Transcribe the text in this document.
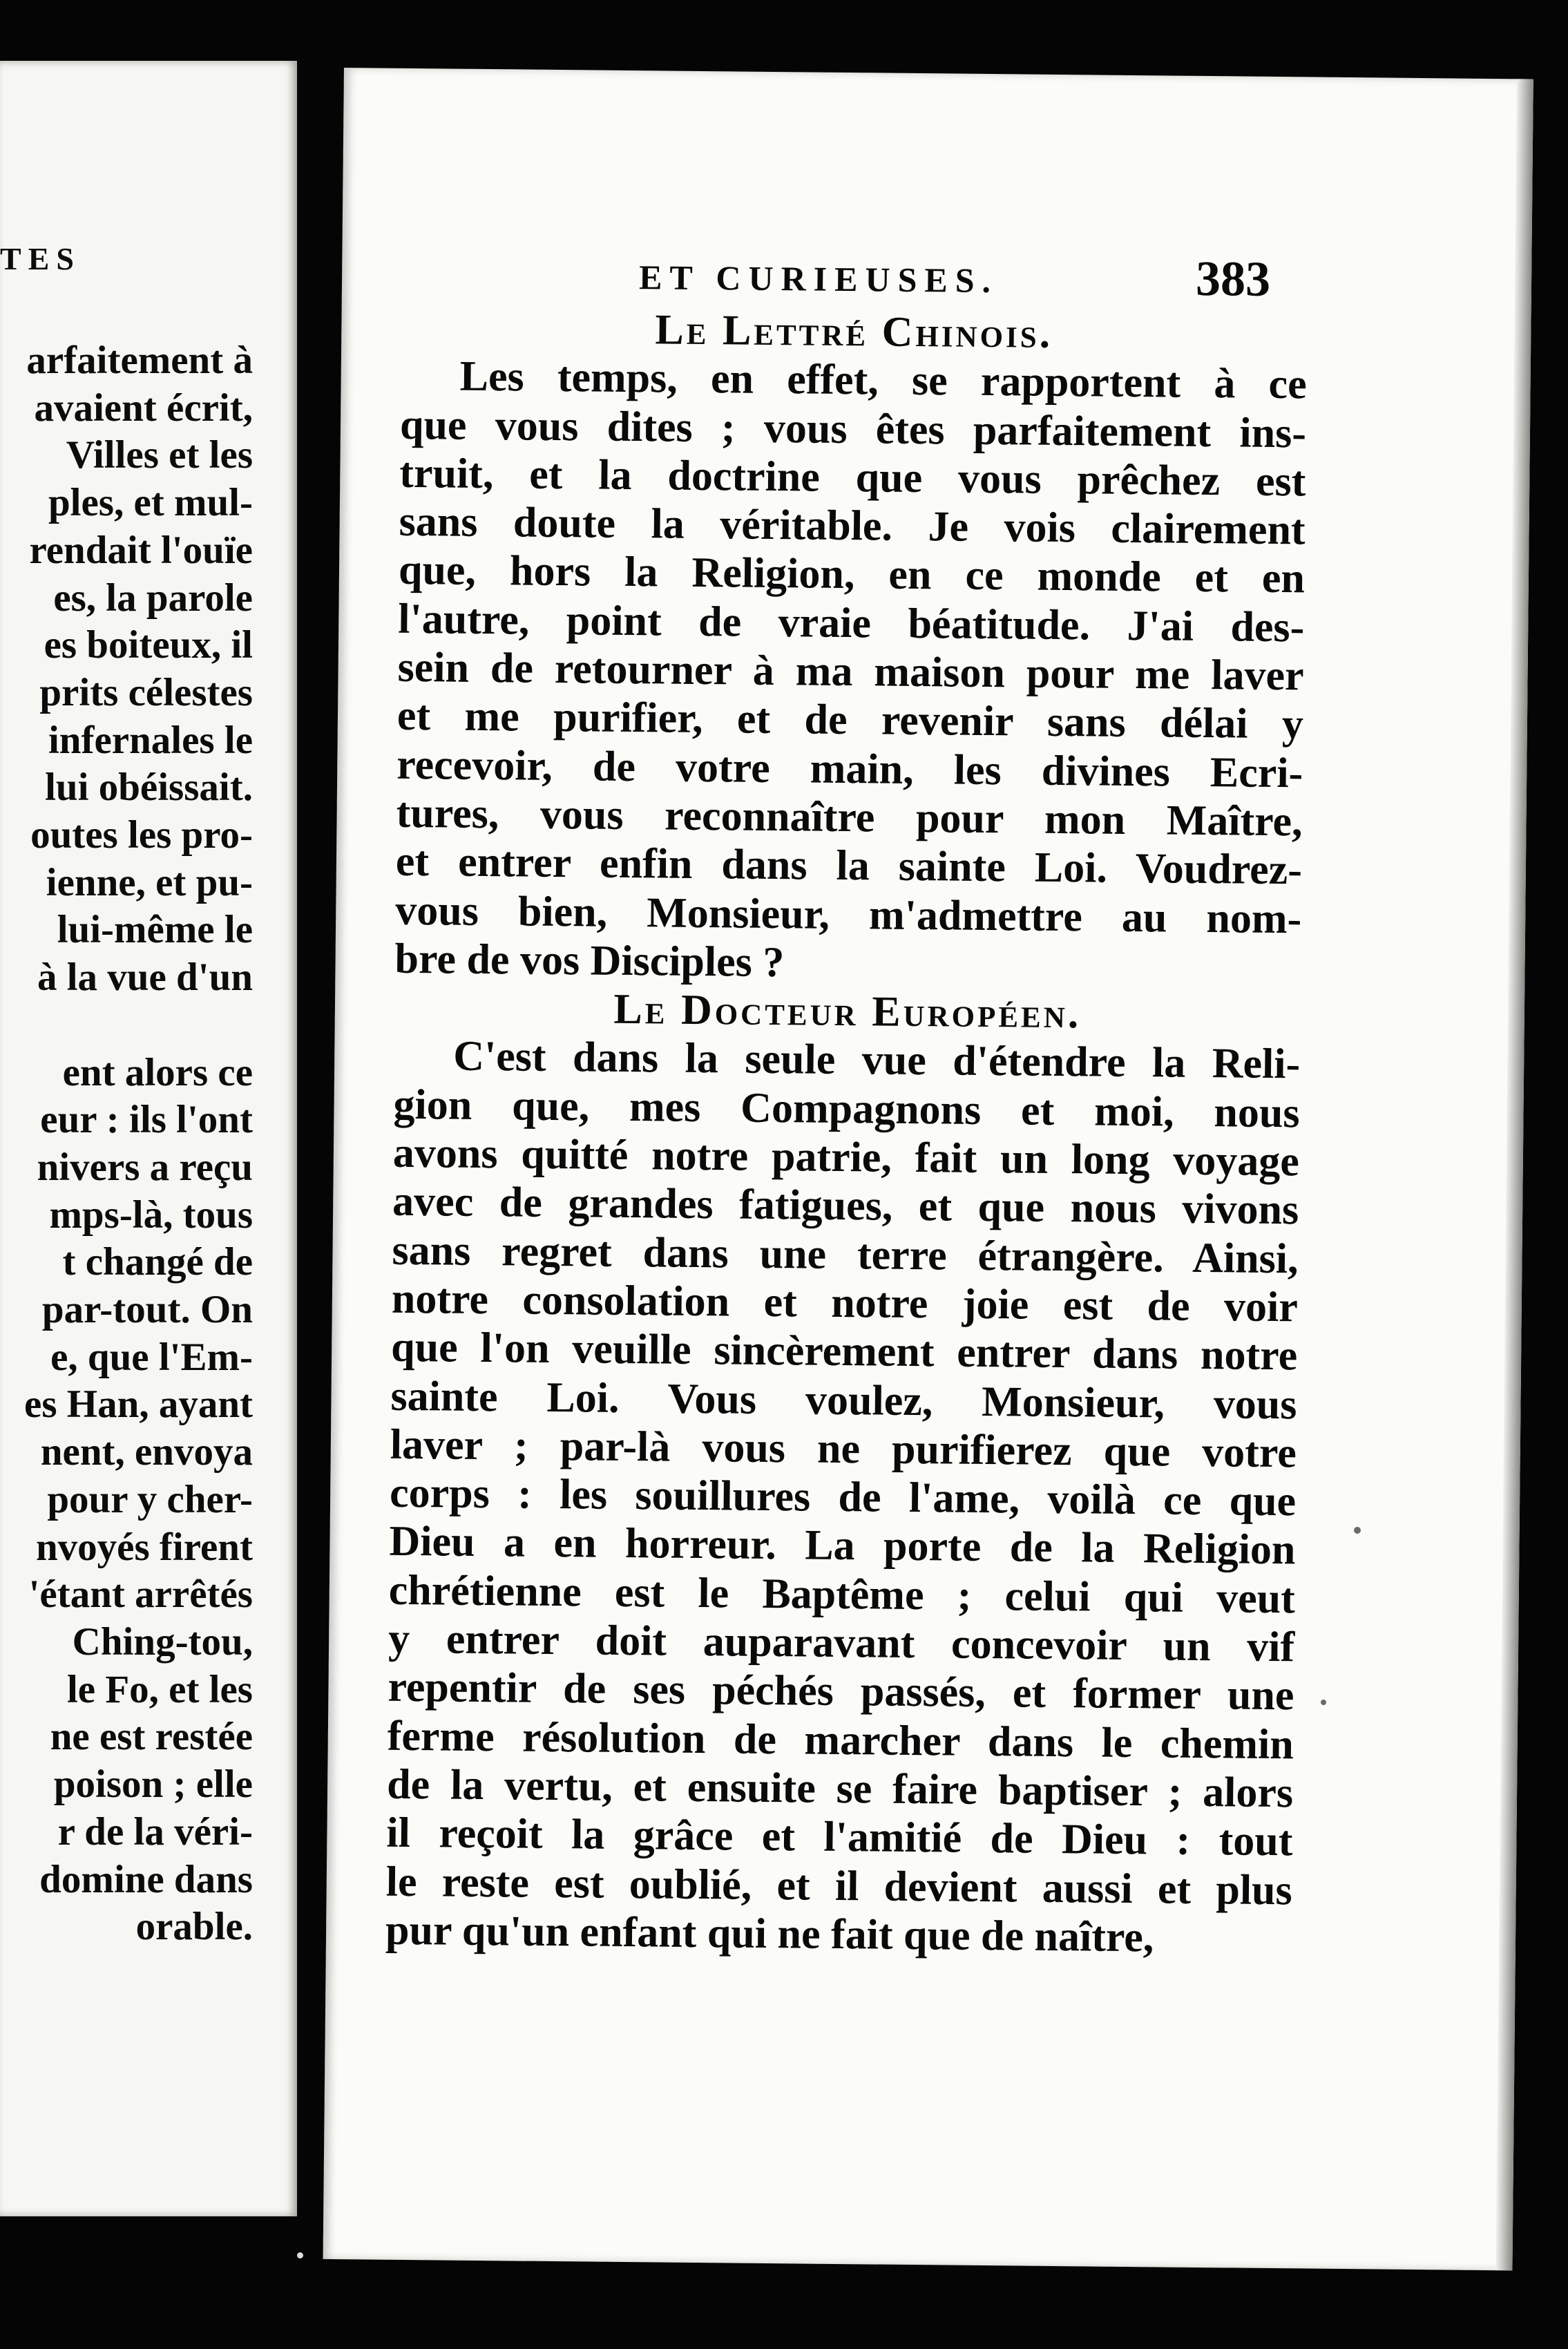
TES
arfaitement à
avaient écrit,
Villes et les
ples, et mul-
rendait l'ouïe
es, la parole
es boiteux, il
prits célestes
infernales le
lui obéissait.
outes les pro-
ienne, et pu-
lui-même le
à la vue d'un

ent alors ce
eur : ils l'ont
nivers a reçu
mps-là, tous
t changé de
par-tout. On
e, que l'Em-
es Han, ayant
nent, envoya
pour y cher-
nvoyés firent
'étant arrêtés
Ching-tou,
le Fo, et les
ne est restée
poison ; elle
r de la véri-
domine dans
orable.
ET CURIEUSES.	383
Le Lettré Chinois.
Les temps, en effet, se rapportent à ce
que vous dites ; vous êtes parfaitement ins-
truit, et la doctrine que vous prêchez est
sans doute la véritable. Je vois clairement
que, hors la Religion, en ce monde et en
l'autre, point de vraie béatitude. J'ai des-
sein de retourner à ma maison pour me laver
et me purifier, et de revenir sans délai y
recevoir, de votre main, les divines Ecri-
tures, vous reconnaître pour mon Maître,
et entrer enfin dans la sainte Loi. Voudrez-
vous bien, Monsieur, m'admettre au nom-
bre de vos Disciples ?
Le Docteur Européen.
C'est dans la seule vue d'étendre la Reli-
gion que, mes Compagnons et moi, nous
avons quitté notre patrie, fait un long voyage
avec de grandes fatigues, et que nous vivons
sans regret dans une terre étrangère. Ainsi,
notre consolation et notre joie est de voir
que l'on veuille sincèrement entrer dans notre
sainte Loi. Vous voulez, Monsieur, vous
laver ; par-là vous ne purifierez que votre
corps : les souillures de l'ame, voilà ce que
Dieu a en horreur. La porte de la Religion
chrétienne est le Baptême ; celui qui veut
y entrer doit auparavant concevoir un vif
repentir de ses péchés passés, et former une
ferme résolution de marcher dans le chemin
de la vertu, et ensuite se faire baptiser ; alors
il reçoit la grâce et l'amitié de Dieu : tout
le reste est oublié, et il devient aussi et plus
pur qu'un enfant qui ne fait que de naître,
